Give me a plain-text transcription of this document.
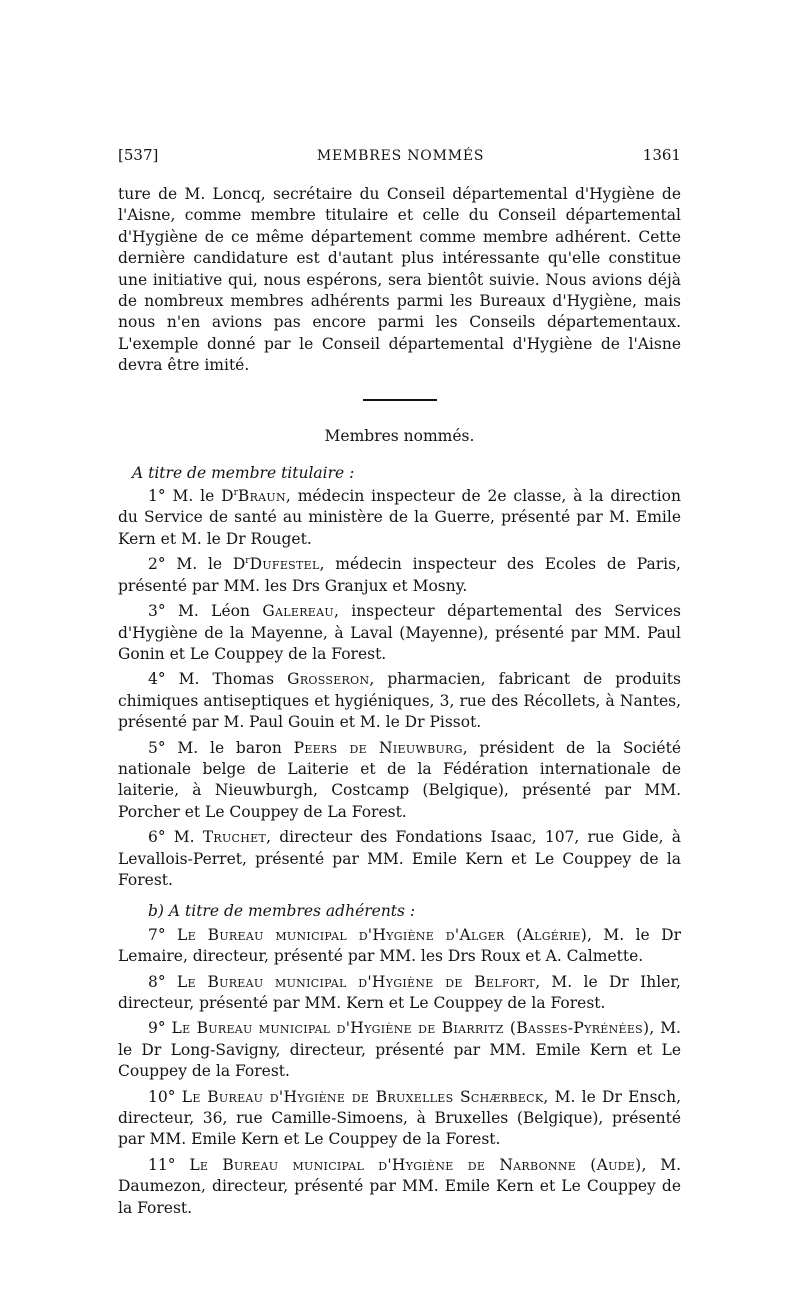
[537]	MEMBRES NOMMÉS	1361

ture de M. Loncq, secrétaire du Conseil départemental d'Hygiène de l'Aisne, comme membre titulaire et celle du Conseil départemental d'Hygiène de ce même département comme membre adhérent. Cette dernière candidature est d'autant plus intéressante qu'elle constitue une initiative qui, nous espérons, sera bientôt suivie. Nous avions déjà de nombreux membres adhérents parmi les Bureaux d'Hygiène, mais nous n'en avions pas encore parmi les Conseils départementaux. L'exemple donné par le Conseil départemental d'Hygiène de l'Aisne devra être imité.

Membres nommés.
A titre de membre titulaire :

1° M. le $D^rBraun$, médecin inspecteur de 2e classe, à la direction du Service de santé au ministère de la Guerre, présenté par M. Emile Kern et M. le Dr Rouget.

2° M. le $D^rDufestel$, médecin inspecteur des Ecoles de Paris, présenté par MM. les Drs Granjux et Mosny.

3° M. Léon Galereau, inspecteur départemental des Services d'Hygiène de la Mayenne, à Laval (Mayenne), présenté par MM. Paul Gonin et Le Couppey de la Forest.

4° M. Thomas Grosseron, pharmacien, fabricant de produits chimiques antiseptiques et hygiéniques, 3, rue des Récollets, à Nantes, présenté par M. Paul Gouin et M. le Dr Pissot.

5° M. le baron Peers de Nieuwburg, président de la Société nationale belge de Laiterie et de la Fédération internationale de laiterie, à Nieuwburgh, Costcamp (Belgique), présenté par MM. Porcher et Le Couppey de La Forest.

6° M. Truchet, directeur des Fondations Isaac, 107, rue Gide, à Levallois-Perret, présenté par MM. Emile Kern et Le Couppey de la Forest.

b) A titre de membres adhérents :

7° Le Bureau municipal d'Hygiène d'Alger (Algérie), M. le Dr Lemaire, directeur, présenté par MM. les Drs Roux et A. Calmette.

8° Le Bureau municipal d'Hygiène de Belfort, M. le Dr Ihler, directeur, présenté par MM. Kern et Le Couppey de la Forest.

9° Le Bureau municipal d'Hygiène de Biarritz (Basses-Pyrénées), M. le Dr Long-Savigny, directeur, présenté par MM. Emile Kern et Le Couppey de la Forest.

10° Le Bureau d'Hygiène de Bruxelles Schærbeck, M. le Dr Ensch, directeur, 36, rue Camille-Simoens, à Bruxelles (Belgique), présenté par MM. Emile Kern et Le Couppey de la Forest.

11° Le Bureau municipal d'Hygiène de Narbonne (Aude), M. Daumezon, directeur, présenté par MM. Emile Kern et Le Couppey de la Forest.
